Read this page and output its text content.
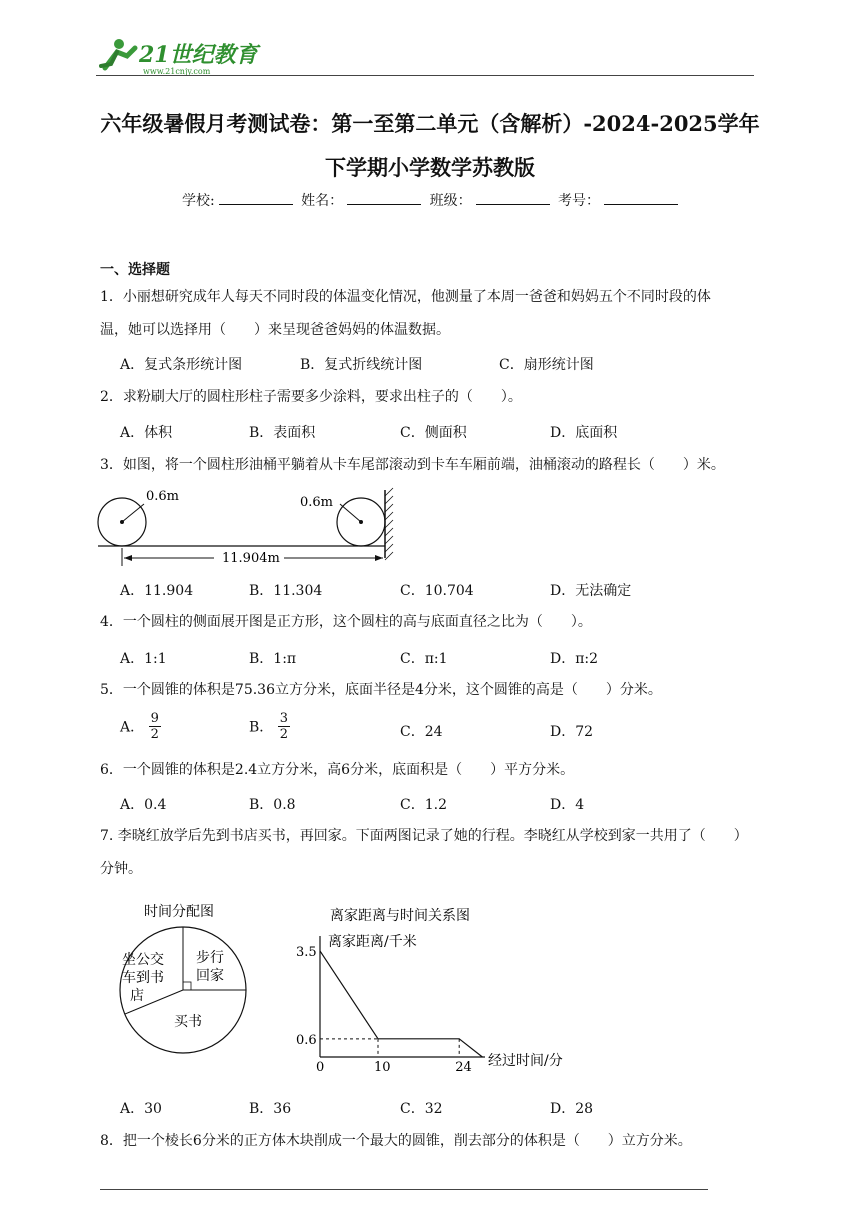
21世纪教育
www.21cnjy.com
六年级暑假月考测试卷：第一至第二单元（含解析）-2024-2025学年
下学期小学数学苏教版
学校:	姓名：	班级：	考号：
一、选择题
1．小丽想研究成年人每天不同时段的体温变化情况，他测量了本周一爸爸和妈妈五个不同时段的体
温，她可以选择用（　　）来呈现爸爸妈妈的体温数据。
A．复式条形统计图	B．复式折线统计图	C．扇形统计图
2．求粉刷大厅的圆柱形柱子需要多少涂料，要求出柱子的（　　）。
A．体积	B．表面积	C．侧面积	D．底面积
3．如图，将一个圆柱形油桶平躺着从卡车尾部滚动到卡车车厢前端，油桶滚动的路程长（　　）米。
0.6m	0.6m
11.904m
A．11.904	B．11.304	C．10.704	D．无法确定
4．一个圆柱的侧面展开图是正方形，这个圆柱的高与底面直径之比为（　　）。
A．1:1	B．1:π	C．π:1	D．π:2
5．一个圆锥的体积是75.36立方分米，底面半径是4分米，这个圆锥的高是（　　）分米。
A． $\frac{9}{2}$	B． $\frac{3}{2}$	C．24	D．72
6．一个圆锥的体积是2.4立方分米，高6分米，底面积是（　　）平方分米。
A．0.4	B．0.8	C．1.2	D．4
7. 李晓红放学后先到书店买书，再回家。下面两图记录了她的行程。李晓红从学校到家一共用了（　　）
分钟。
时间分配图
坐公交
车到书
店
步行
回家
买书
离家距离与时间关系图
离家距离/千米
经过时间/分
0	10	24
0.6
3.5
A．30	B．36	C．32	D．28
8．把一个棱长6分米的正方体木块削成一个最大的圆锥，削去部分的体积是（　　）立方分米。
